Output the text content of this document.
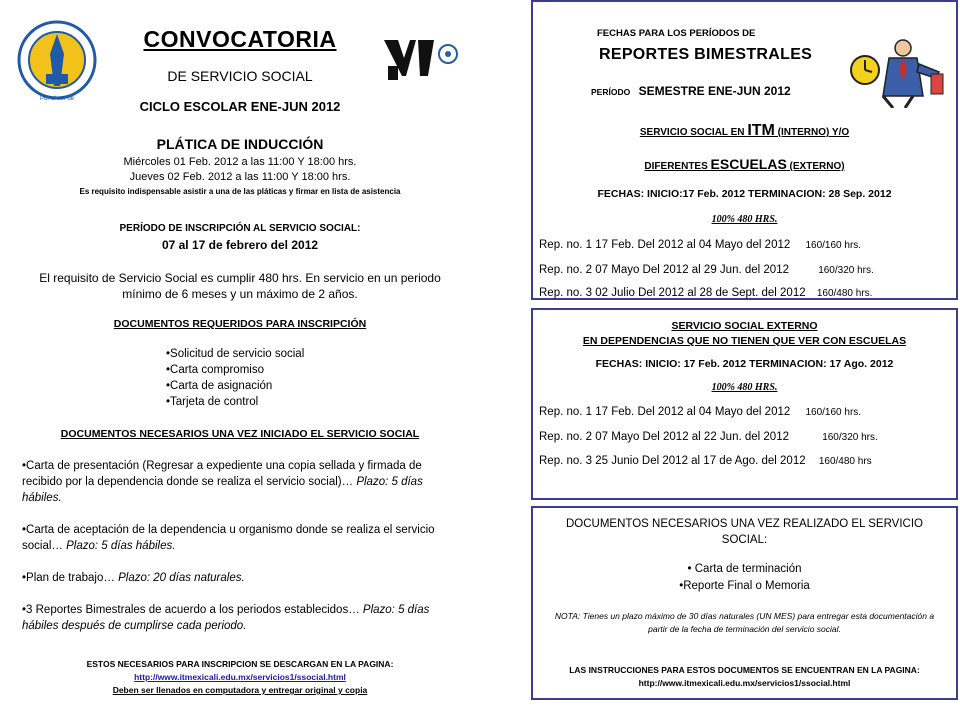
Por el ser de
CONVOCATORIA
DE SERVICIO SOCIAL
CICLO ESCOLAR ENE-JUN 2012
PLÁTICA DE INDUCCIÓN
Miércoles 01 Feb. 2012 a las 11:00 Y 18:00 hrs.
Jueves 02 Feb. 2012 a las 11:00 Y 18:00 hrs.
Es requisito indispensable asistir a una de las pláticas y firmar en lista de asistencia
PERÍODO DE INSCRIPCIÓN AL SERVICIO SOCIAL:
07 al 17 de febrero del 2012
El requisito de Servicio Social es cumplir 480 hrs. En servicio en un periodo mínimo de 6 meses y un máximo de 2 años.
DOCUMENTOS REQUERIDOS PARA INSCRIPCIÓN
•Solicitud de servicio social
•Carta compromiso
•Carta de asignación
•Tarjeta de control
DOCUMENTOS NECESARIOS UNA VEZ INICIADO EL SERVICIO SOCIAL
•Carta de presentación (Regresar a expediente una copia sellada y firmada de recibido por la dependencia donde se realiza el servicio social)… Plazo: 5 días hábiles.
•Carta de aceptación de la dependencia u organismo donde se realiza el servicio social… Plazo: 5 días hábiles.
•Plan de trabajo… Plazo: 20 días naturales.
•3 Reportes Bimestrales de acuerdo a los periodos establecidos… Plazo: 5 días hábiles después de cumplirse cada periodo.
ESTOS NECESARIOS PARA INSCRIPCION SE DESCARGAN EN LA PAGINA:
http://www.itmexicali.edu.mx/servicios1/ssocial.html
Deben ser llenados en computadora y entregar original y copia
FECHAS PARA LOS PERÍODOS DE
REPORTES BIMESTRALES
PERÍODO SEMESTRE ENE-JUN 2012
SERVICIO SOCIAL EN ITM (INTERNO) Y/O
DIFERENTES ESCUELAS (EXTERNO)
FECHAS: INICIO:17 Feb. 2012 TERMINACION: 28 Sep. 2012
100% 480 HRS.
Rep. no. 1 17 Feb. Del 2012 al 04 Mayo del 2012 160/160 hrs.
Rep. no. 2 07 Mayo Del 2012 al 29 Jun. del 2012	160/320 hrs.
Rep. no. 3 02 Julio Del 2012 al 28 de Sept. del 2012 160/480 hrs.
SERVICIO SOCIAL EXTERNO
EN DEPENDENCIAS QUE NO TIENEN QUE VER CON ESCUELAS
FECHAS: INICIO: 17 Feb. 2012 TERMINACION: 17 Ago. 2012
100% 480 HRS.
Rep. no. 1 17 Feb. Del 2012 al 04 Mayo del 2012 160/160 hrs.
Rep. no. 2 07 Mayo Del 2012 al 22 Jun. del 2012	160/320 hrs.
Rep. no. 3 25 Junio Del 2012 al 17 de Ago. del 2012 160/480 hrs
DOCUMENTOS NECESARIOS UNA VEZ REALIZADO EL SERVICIO SOCIAL:
• Carta de terminación
•Reporte Final o Memoria
NOTA: Tienes un plazo máximo de 30 días naturales (UN MES) para entregar esta documentación a partir de la fecha de terminación del servicio social.
LAS INSTRUCCIONES PARA ESTOS DOCUMENTOS SE ENCUENTRAN EN LA PAGINA: http://www.itmexicali.edu.mx/servicios1/ssocial.html
